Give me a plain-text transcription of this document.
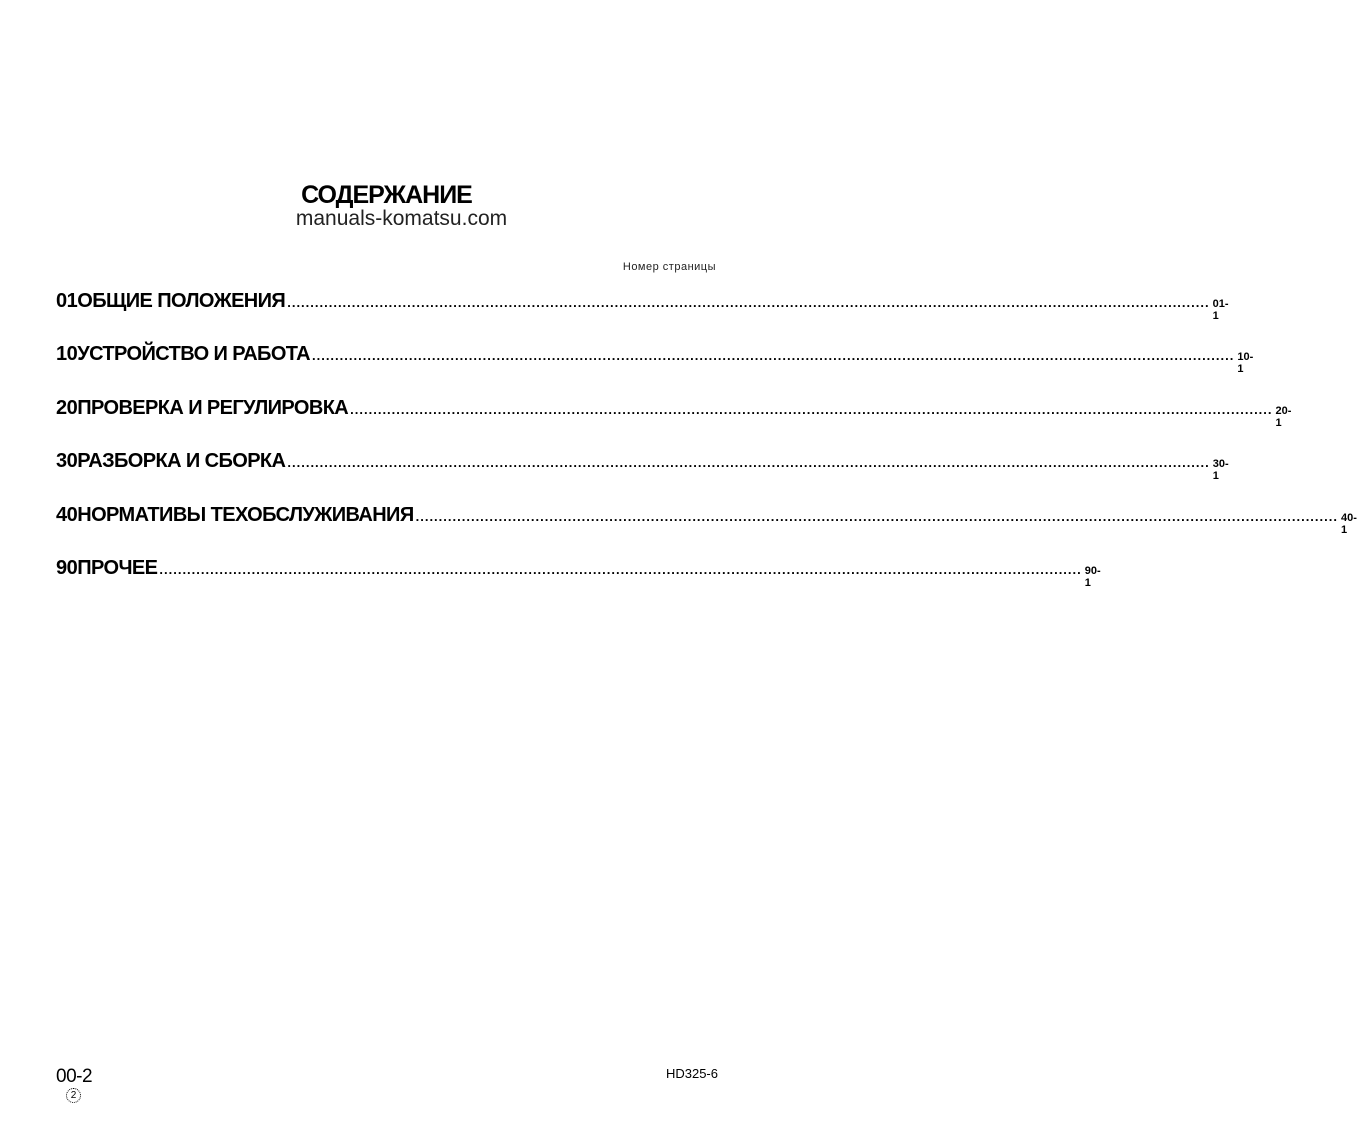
СОДЕРЖАНИЕ
manuals-komatsu.com
Номер страницы
01 ОБЩИЕ ПОЛОЖЕНИЯ ........................................................................................................................................................................................................ 01-1
10 УСТРОЙСТВО И РАБОТА ........................................................................................................................................................................................................ 10-1
20 ПРОВЕРКА И РЕГУЛИРОВКА ........................................................................................................................................................................................................ 20-1
30 РАЗБОРКА И СБОРКА ........................................................................................................................................................................................................ 30-1
40 НОРМАТИВЫ ТЕХОБСЛУЖИВАНИЯ ........................................................................................................................................................................................................ 40-1
90 ПРОЧЕЕ ........................................................................................................................................................................................................ 90-1
00-2
2
HD325-6
